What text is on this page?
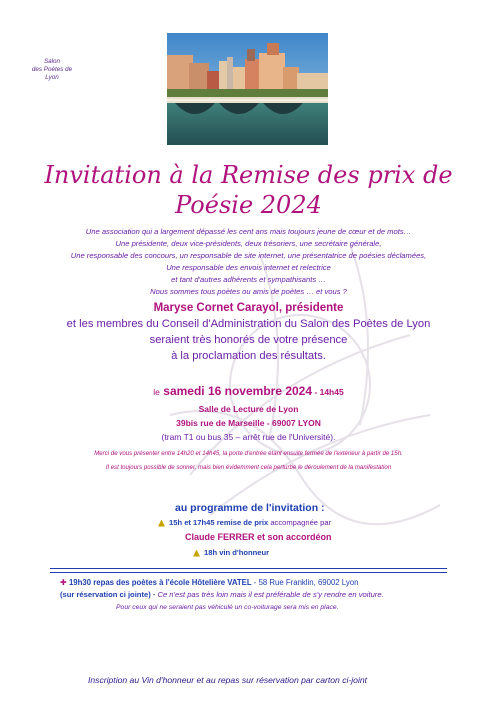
Salon
des Poètes de
Lyon
Invitation à la Remise des prix de
Poésie 2024
Une association qui a largement dépassé les cent ans mais toujours jeune de cœur et de mots…
Une présidente, deux vice-présidents, deux trésoriers, une secrétaire générale,
Une responsable des concours, un responsable de site internet, une présentatrice de poésies déclamées,
Une responsable des envois internet et relectrice
et tant d'autres adhérents et sympathisants …
Nous sommes tous poètes ou amis de poètes … et vous ?
Maryse Cornet Carayol, présidente
et les membres du Conseil d'Administration du Salon des Poètes de Lyon
seraient très honorés de votre présence
à la proclamation des résultats.
le samedi 16 novembre 2024 - 14h45
Salle de Lecture de Lyon
39bis rue de Marseille - 69007 LYON
(tram T1 ou bus 35 – arrêt rue de l'Université).
Merci de vous présenter entre 14h20 et 14h45, la porte d'entrée étant ensuite fermée de l'extérieur à partir de 15h.
Il est toujours possible de sonner, mais bien évidemment cela perturbe le déroulement de la manifestation
au programme de l'invitation :
15h et 17h45 remise de prix accompagnée par
Claude FERRER et son accordéon
18h vin d'honneur
✚ 19h30 repas des poètes à l'école Hôtelière VATEL - 58 Rue Franklin, 69002 Lyon
(sur réservation ci jointe) - Ce n'est pas très loin mais il est préférable de s'y rendre en voiture.
Pour ceux qui ne seraient pas véhiculé un co-voiturage sera mis en place.
Inscription au Vin d'honneur et au repas sur réservation par carton ci-joint
